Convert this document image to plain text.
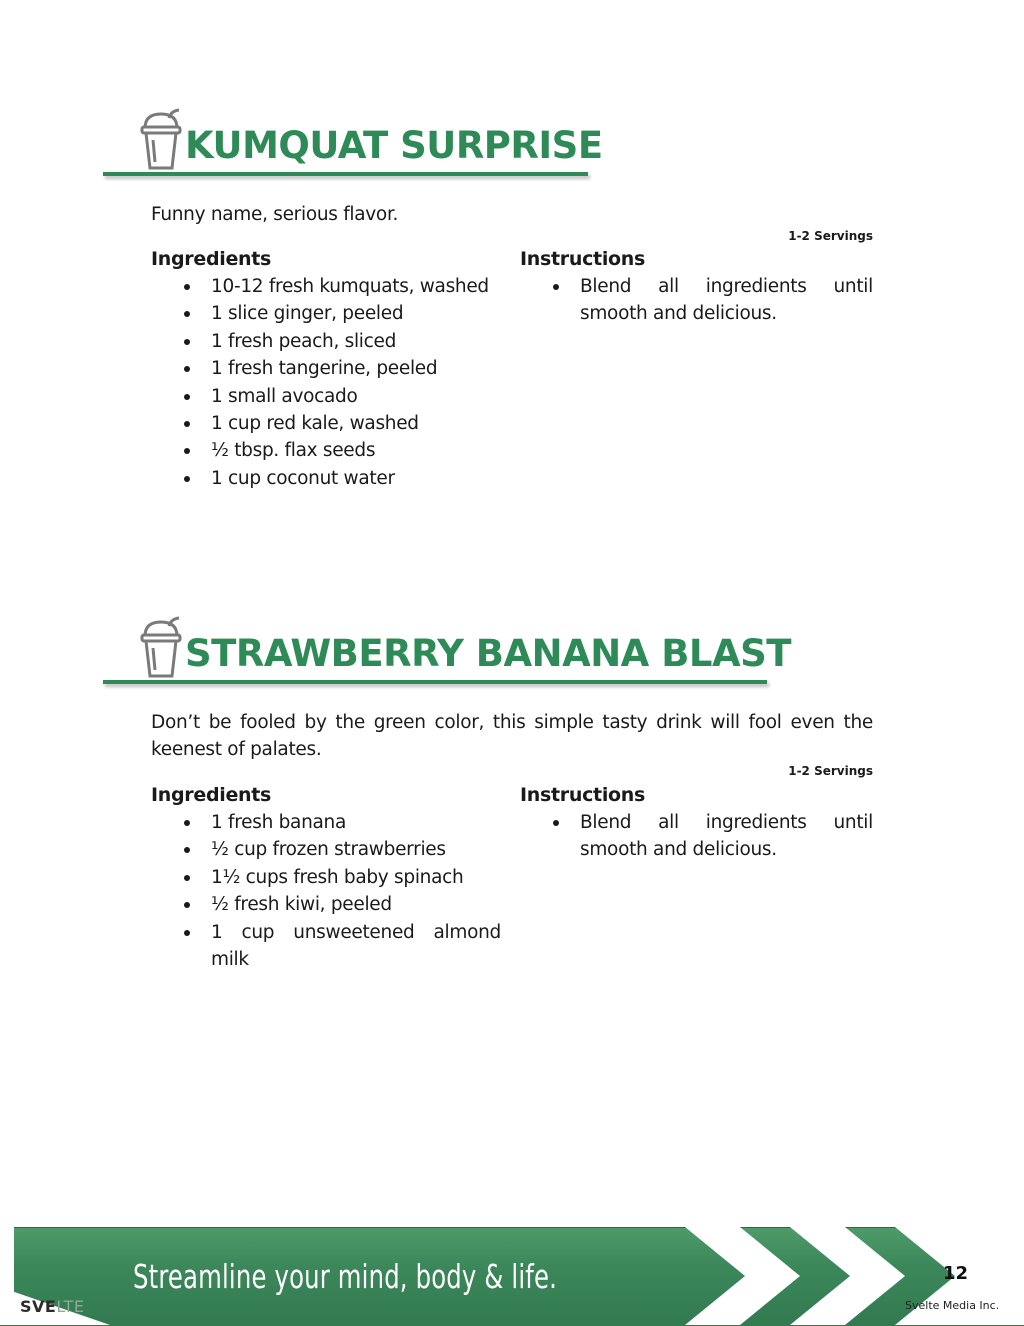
KUMQUAT SURPRISE
Funny name, serious flavor.
1-2 Servings
Ingredients
10-12 fresh kumquats, washed
1 slice ginger, peeled
1 fresh peach, sliced
1 fresh tangerine, peeled
1 small avocado
1 cup red kale, washed
½ tbsp. flax seeds
1 cup coconut water
Instructions
Blend all ingredients until smooth and delicious.
STRAWBERRY BANANA BLAST
Don’t be fooled by the green color, this simple tasty drink will fool even the keenest of palates.
1-2 Servings
Ingredients
1 fresh banana
½ cup frozen strawberries
1½ cups fresh baby spinach
½ fresh kiwi, peeled
1 cup unsweetened almond milk
Instructions
Blend all ingredients until smooth and delicious.
Streamline your mind, body & life.
SVELTE
12
Svelte Media Inc.
